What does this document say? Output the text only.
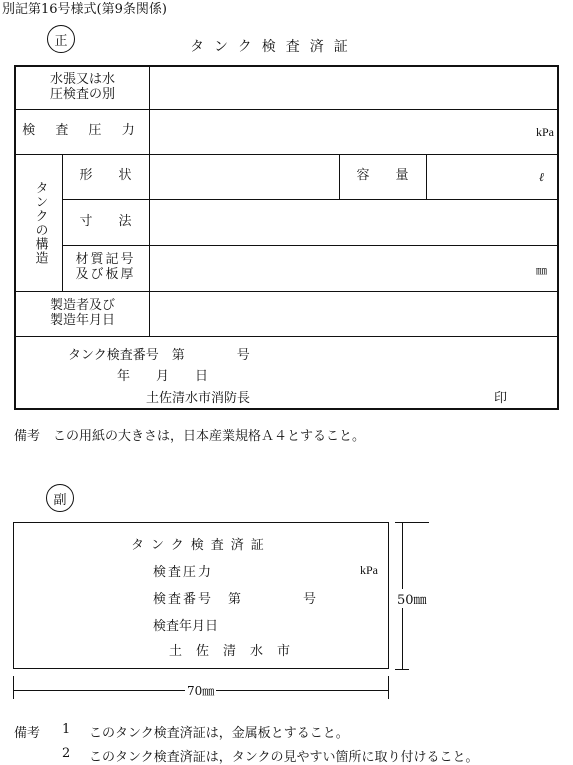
別記第16号様式(第9条関係)
正	タンク検査済証
水張又は水
圧検査の別
検 査 圧 力	kPa
タンクの構造
形　　状	容　　量	ℓ
寸　　法
材質記号
及び板厚	㎜
製造者及び
製造年月日
タンク検査番号　第　　　　号
年　　月　　日
土佐清水市消防長	印
備考　この用紙の大きさは，日本産業規格Ａ４とすること。
副
タンク検査済証
検査圧力	kPa
検査番号　第　　　　号
検査年月日
土佐清水市
50㎜
70㎜
備考 1 このタンク検査済証は，金属板とすること。
2 このタンク検査済証は，タンクの見やすい箇所に取り付けること。
